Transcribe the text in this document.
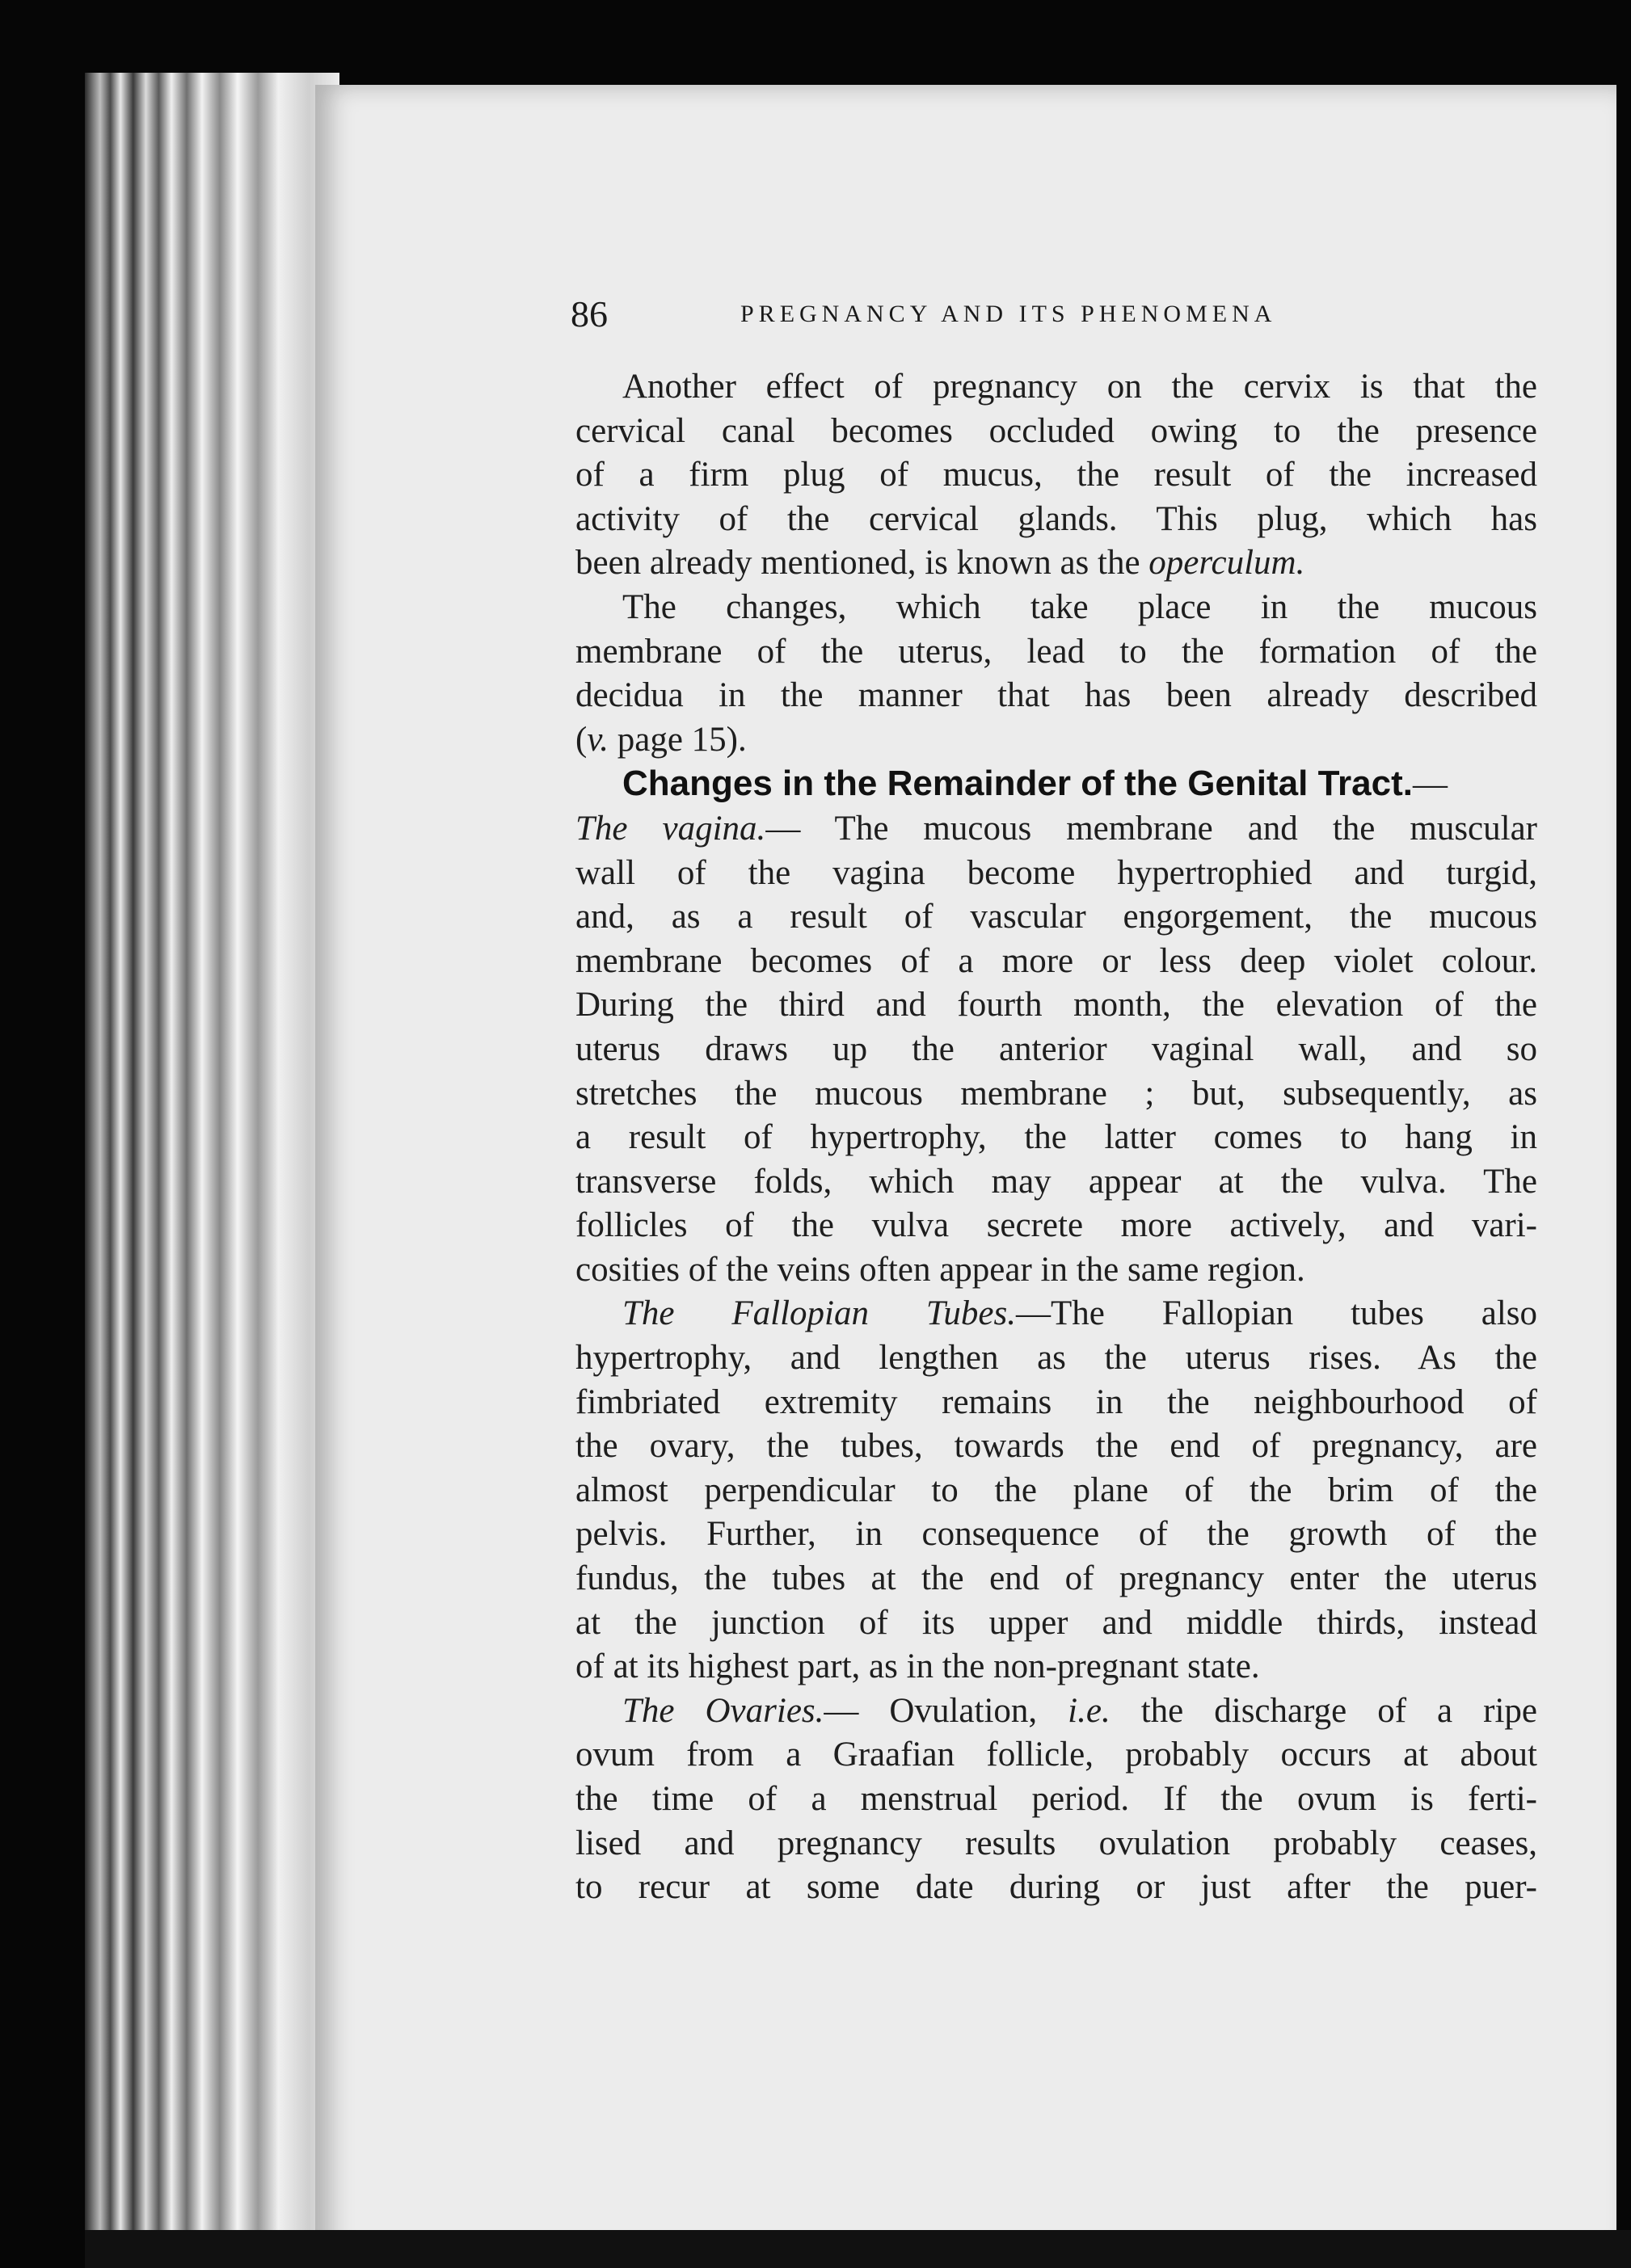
86	PREGNANCY AND ITS PHENOMENA
Another effect of pregnancy on the cervix is that the
cervical canal becomes occluded owing to the presence
of a firm plug of mucus, the result of the increased
activity of the cervical glands. This plug, which has
been already mentioned, is known as the operculum.
The changes, which take place in the mucous
membrane of the uterus, lead to the formation of the
decidua in the manner that has been already described
(v. page 15).
Changes in the Remainder of the Genital Tract.—
The vagina.— The mucous membrane and the muscular
wall of the vagina become hypertrophied and turgid,
and, as a result of vascular engorgement, the mucous
membrane becomes of a more or less deep violet colour.
During the third and fourth month, the elevation of the
uterus draws up the anterior vaginal wall, and so
stretches the mucous membrane ; but, subsequently, as
a result of hypertrophy, the latter comes to hang in
transverse folds, which may appear at the vulva. The
follicles of the vulva secrete more actively, and vari-
cosities of the veins often appear in the same region.
The Fallopian Tubes.—The Fallopian tubes also
hypertrophy, and lengthen as the uterus rises. As the
fimbriated extremity remains in the neighbourhood of
the ovary, the tubes, towards the end of pregnancy, are
almost perpendicular to the plane of the brim of the
pelvis. Further, in consequence of the growth of the
fundus, the tubes at the end of pregnancy enter the uterus
at the junction of its upper and middle thirds, instead
of at its highest part, as in the non-pregnant state.
The Ovaries.— Ovulation, i.e. the discharge of a ripe
ovum from a Graafian follicle, probably occurs at about
the time of a menstrual period. If the ovum is ferti-
lised and pregnancy results ovulation probably ceases,
to recur at some date during or just after the puer-
